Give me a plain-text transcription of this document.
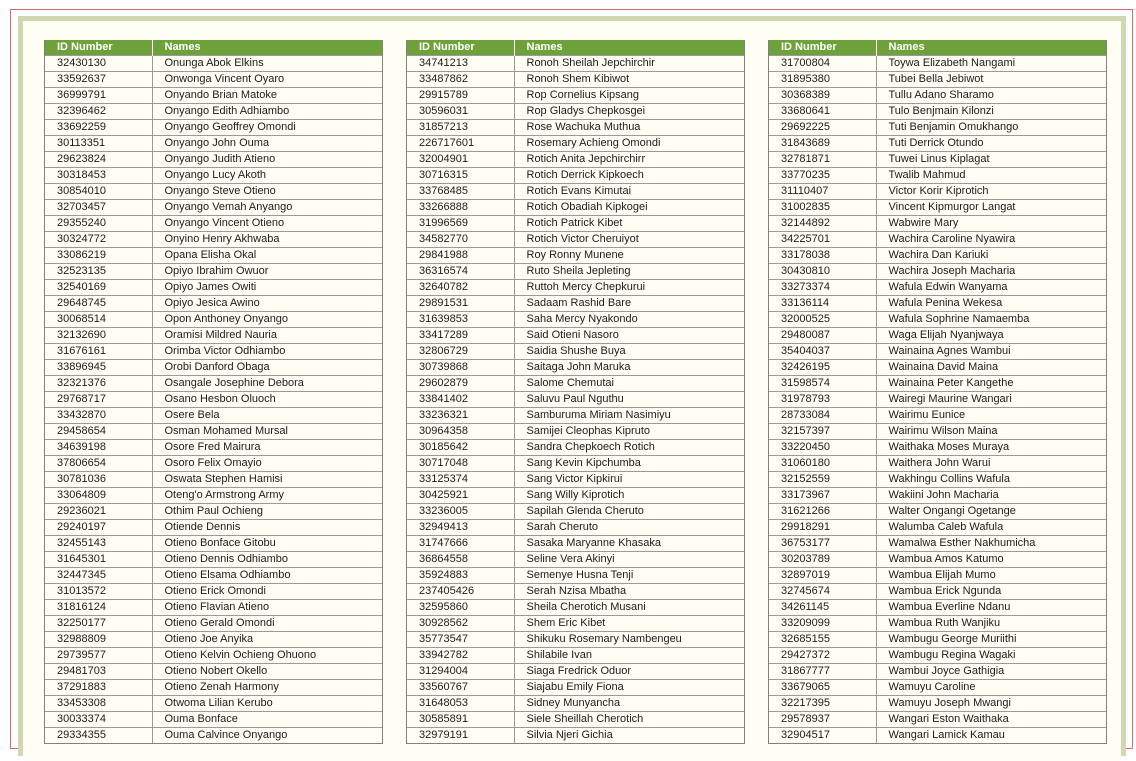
ID Number	Names
32430130	Onunga Abok Elkins
33592637	Onwonga Vincent Oyaro
36999791	Onyando Brian Matoke
32396462	Onyango Edith Adhiambo
33692259	Onyango Geoffrey Omondi
30113351	Onyango John Ouma
29623824	Onyango Judith Atieno
30318453	Onyango Lucy Akoth
30854010	Onyango Steve Otieno
32703457	Onyango Vemah Anyango
29355240	Onyango Vincent Otieno
30324772	Onyino Henry Akhwaba
33086219	Opana Elisha Okal
32523135	Opiyo Ibrahim Owuor
32540169	Opiyo James Owiti
29648745	Opiyo Jesica Awino
30068514	Opon Anthoney Onyango
32132690	Oramisi Mildred Nauria
31676161	Orimba Victor Odhiambo
33896945	Orobi Danford Obaga
32321376	Osangale Josephine Debora
29768717	Osano Hesbon Oluoch
33432870	Osere Bela
29458654	Osman Mohamed Mursal
34639198	Osore Fred Mairura
37806654	Osoro Felix Omayio
30781036	Oswata Stephen Hamisi
33064809	Oteng'o Armstrong Army
29236021	Othim Paul Ochieng
29240197	Otiende Dennis
32455143	Otieno Bonface Gitobu
31645301	Otieno Dennis Odhiambo
32447345	Otieno Elsama Odhiambo
31013572	Otieno Erick Omondi
31816124	Otieno Flavian Atieno
32250177	Otieno Gerald Omondi
32988809	Otieno Joe Anyika
29739577	Otieno Kelvin Ochieng Ohuono
29481703	Otieno Nobert Okello
37291883	Otieno Zenah Harmony
33453308	Otwoma Lilian Kerubo
30033374	Ouma Bonface
29334355	Ouma Calvince Onyango
ID Number	Names
34741213	Ronoh Sheilah Jepchirchir
33487862	Ronoh Shem Kibiwot
29915789	Rop Cornelius Kipsang
30596031	Rop Gladys Chepkosgei
31857213	Rose Wachuka Muthua
226717601	Rosemary Achieng Omondi
32004901	Rotich Anita Jepchirchirr
30716315	Rotich Derrick Kipkoech
33768485	Rotich Evans Kimutai
33266888	Rotich Obadiah Kipkogei
31996569	Rotich Patrick Kibet
34582770	Rotich Victor Cheruiyot
29841988	Roy Ronny Munene
36316574	Ruto Sheila Jepleting
32640782	Ruttoh Mercy Chepkurui
29891531	Sadaam Rashid Bare
31639853	Saha Mercy Nyakondo
33417289	Said Otieni Nasoro
32806729	Saidia Shushe Buya
30739868	Saitaga John Maruka
29602879	Salome Chemutai
33841402	Saluvu Paul Nguthu
33236321	Samburuma Miriam Nasimiyu
30964358	Samijei Cleophas Kipruto
30185642	Sandra Chepkoech Rotich
30717048	Sang Kevin Kipchumba
33125374	Sang Victor Kipkirui
30425921	Sang Willy Kiprotich
33236005	Sapilah Glenda Cheruto
32949413	Sarah Cheruto
31747666	Sasaka Maryanne Khasaka
36864558	Seline Vera Akinyi
35924883	Semenye Husna Tenji
237405426	Serah Nzisa Mbatha
32595860	Sheila Cherotich Musani
30928562	Shem Eric Kibet
35773547	Shikuku Rosemary Nambengeu
33942782	Shilabile Ivan
31294004	Siaga Fredrick Oduor
33560767	Siajabu Emily Fiona
31648053	Sidney Munyancha
30585891	Siele Sheillah Cherotich
32979191	Silvia Njeri Gichia
ID Number	Names
31700804	Toywa Elizabeth Nangami
31895380	Tubei Bella Jebiwot
30368389	Tullu Adano Sharamo
33680641	Tulo Benjmain Kilonzi
29692225	Tuti Benjamin Omukhango
31843689	Tuti Derrick Otundo
32781871	Tuwei Linus Kiplagat
33770235	Twalib Mahmud
31110407	Victor Korir Kiprotich
31002835	Vincent Kipmurgor Langat
32144892	Wabwire Mary
34225701	Wachira Caroline Nyawira
33178038	Wachira Dan Kariuki
30430810	Wachira Joseph Macharia
33273374	Wafula Edwin Wanyama
33136114	Wafula Penina Wekesa
32000525	Wafula Sophrine Namaemba
29480087	Waga Elijah Nyanjwaya
35404037	Wainaina Agnes Wambui
32426195	Wainaina David Maina
31598574	Wainaina Peter Kangethe
31978793	Wairegi Maurine Wangari
28733084	Wairimu Eunice
32157397	Wairimu Wilson Maina
33220450	Waithaka Moses Muraya
31060180	Waithera John Warui
32152559	Wakhingu Collins Wafula
33173967	Wakiini John Macharia
31621266	Walter Ongangi Ogetange
29918291	Walumba Caleb Wafula
36753177	Wamalwa Esther Nakhumicha
30203789	Wambua Amos Katumo
32897019	Wambua Elijah Mumo
32745674	Wambua Erick Ngunda
34261145	Wambua Everline Ndanu
33209099	Wambua Ruth Wanjiku
32685155	Wambugu George Muriithi
29427372	Wambugu Regina Wagaki
31867777	Wambui Joyce Gathigia
33679065	Wamuyu Caroline
32217395	Wamuyu Joseph Mwangi
29578937	Wangari Eston Waithaka
32904517	Wangari Lamick Kamau
